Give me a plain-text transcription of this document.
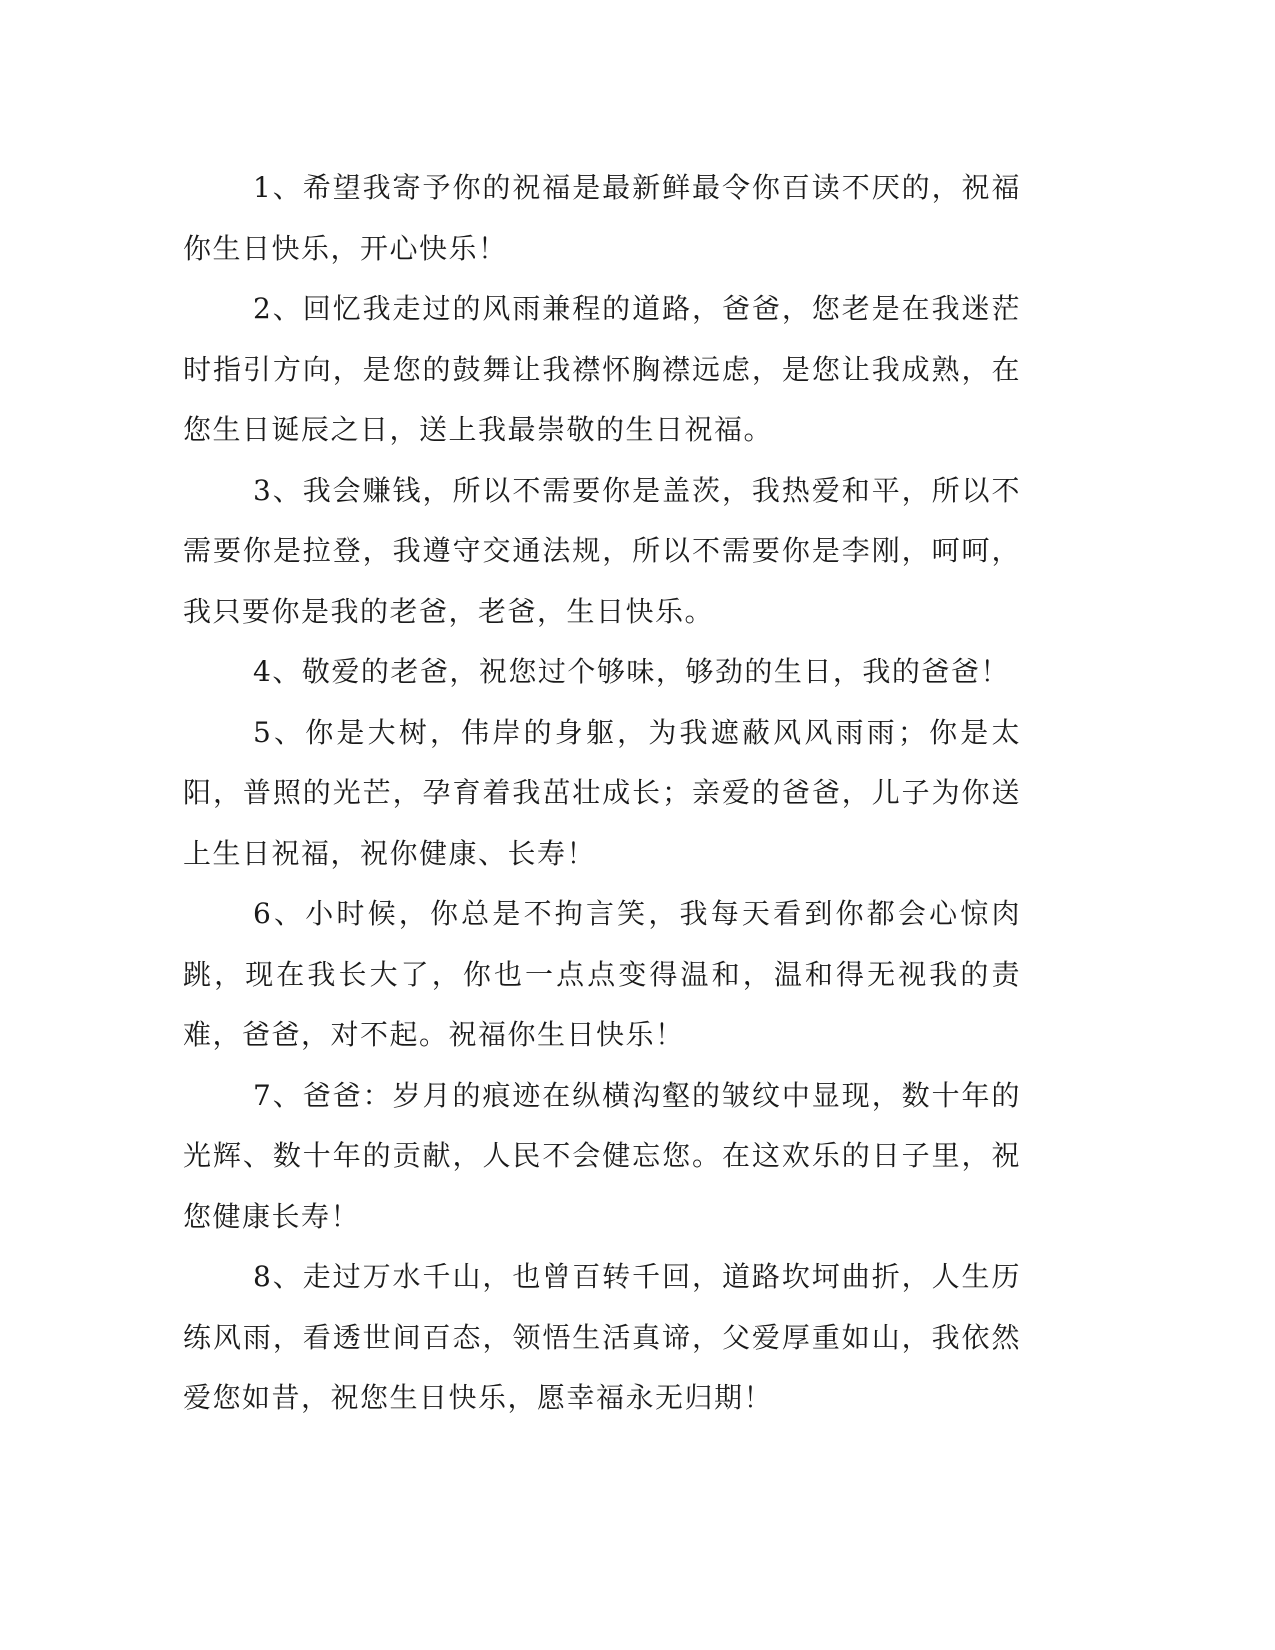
1、希望我寄予你的祝福是最新鲜最令你百读不厌的，祝福你生日快乐，开心快乐！

2、回忆我走过的风雨兼程的道路，爸爸，您老是在我迷茫时指引方向，是您的鼓舞让我襟怀胸襟远虑，是您让我成熟，在您生日诞辰之日，送上我最崇敬的生日祝福。

3、我会赚钱，所以不需要你是盖茨，我热爱和平，所以不需要你是拉登，我遵守交通法规，所以不需要你是李刚，呵呵，我只要你是我的老爸，老爸，生日快乐。

4、敬爱的老爸，祝您过个够味，够劲的生日，我的爸爸！

5、你是大树，伟岸的身躯，为我遮蔽风风雨雨；你是太阳，普照的光芒，孕育着我茁壮成长；亲爱的爸爸，儿子为你送上生日祝福，祝你健康、长寿！

6、小时候，你总是不拘言笑，我每天看到你都会心惊肉跳，现在我长大了，你也一点点变得温和，温和得无视我的责难，爸爸，对不起。祝福你生日快乐！

7、爸爸：岁月的痕迹在纵横沟壑的皱纹中显现，数十年的光辉、数十年的贡献，人民不会健忘您。在这欢乐的日子里，祝您健康长寿！

8、走过万水千山，也曾百转千回，道路坎坷曲折，人生历练风雨，看透世间百态，领悟生活真谛，父爱厚重如山，我依然爱您如昔，祝您生日快乐，愿幸福永无归期！
